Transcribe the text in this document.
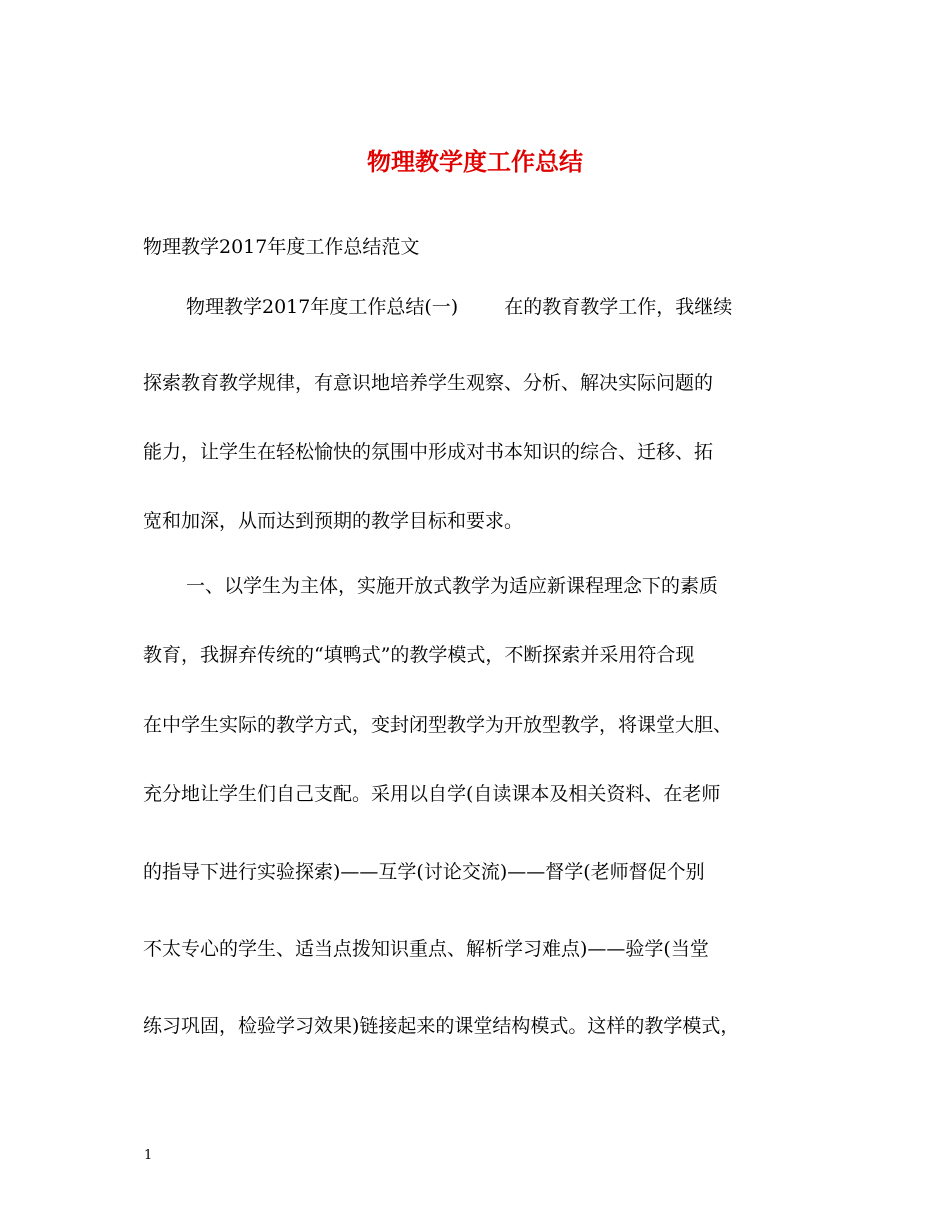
物理教学度工作总结

物理教学2017年度工作总结范文

物理教学2017年度工作总结(一) 在的教育教学工作，我继续

探索教育教学规律，有意识地培养学生观察、分析、解决实际问题的

能力，让学生在轻松愉快的氛围中形成对书本知识的综合、迁移、拓

宽和加深，从而达到预期的教学目标和要求。

一、以学生为主体，实施开放式教学为适应新课程理念下的素质

教育，我摒弃传统的“填鸭式”的教学模式，不断探索并采用符合现

在中学生实际的教学方式，变封闭型教学为开放型教学，将课堂大胆、

充分地让学生们自己支配。采用以自学(自读课本及相关资料、在老师

的指导下进行实验探索)——互学(讨论交流)——督学(老师督促个别

不太专心的学生、适当点拨知识重点、解析学习难点)——验学(当堂

练习巩固，检验学习效果)链接起来的课堂结构模式。这样的教学模式，

1
